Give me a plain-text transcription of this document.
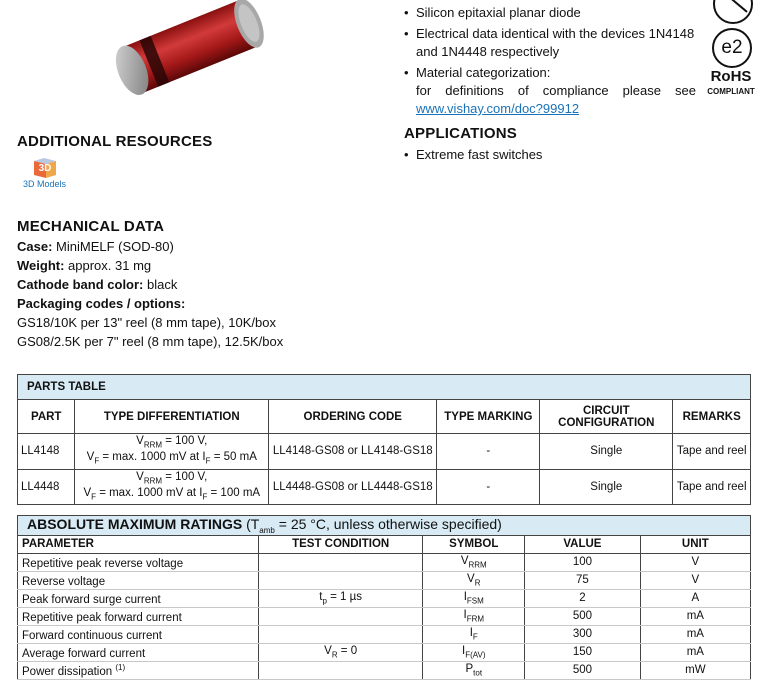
• Silicon epitaxial planar diode
• Electrical data identical with the devices 1N4148 and 1N4448 respectively
• Material categorization:

for definitions of compliance please see
www.vishay.com/doc?99912
e2
RoHS
COMPLIANT
ADDITIONAL RESOURCES
3D
3D Models
APPLICATIONS
• Extreme fast switches
MECHANICAL DATA
Case: MiniMELF (SOD-80)
Weight: approx. 31 mg
Cathode band color: black
Packaging codes / options:
GS18/10K per 13" reel (8 mm tape), 10K/box
GS08/2.5K per 7" reel (8 mm tape), 12.5K/box
PARTS TABLE					
PART	TYPE DIFFERENTIATION	ORDERING CODE	TYPE MARKING	CIRCUIT CONFIGURATION	REMARKS
LL4148	$V_{RRM} = 100$ V,
$V_F = \max$. 1000 mV at $I_F = 50$ mA	LL4148-GS08 or LL4148-GS18	-	Single	Tape and reel
LL4448	$V_{RRM} = 100$ V,
$V_F = \max$. 1000 mV at $I_F = 100$ mA	LL4448-GS08 or LL4448-GS18	-	Single	Tape and reel
ABSOLUTE MAXIMUM RATINGS ($T_{amb} = 25$ °C, unless otherwise specified)				
PARAMETER	TEST CONDITION	SYMBOL	VALUE	UNIT
Repetitive peak reverse voltage		$V_{RRM}$	100	V
Reverse voltage		$V_R$	75	V
Peak forward surge current	$t_p = 1$ µs	$I_{FSM}$	2	A
Repetitive peak forward current		$I_{FRM}$	500	mA
Forward continuous current		$I_F$	300	mA
Average forward current	$V_R = 0$	$I_{F(AV)}$	150	mA
Power dissipation $^{(1)}$		$P_{tot}$	500	mW
